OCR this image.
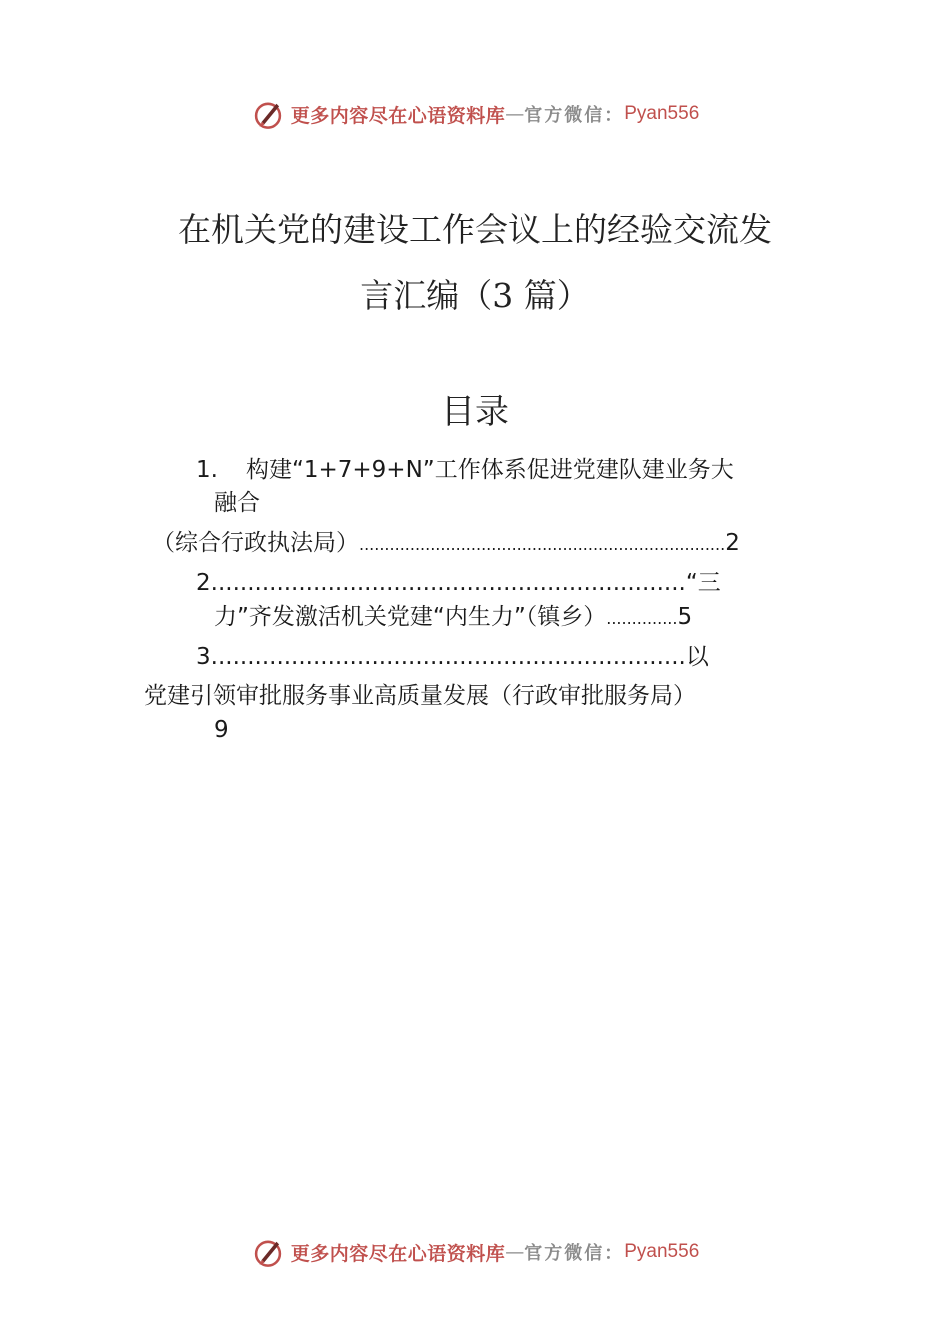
更多内容尽在心语资料库 — 官方微信： Pyan556
在机关党的建设工作会议上的经验交流发
言汇编（3 篇）
目录
1. 构建“1+7+9+N”工作体系促进党建队建业务大
融合
（综合行政执法局）........................................................................2
2.................................................................“三
力”齐发激活机关党建“内生力”（镇乡）..............5
3.................................................................以
党建引领审批服务事业高质量发展（行政审批服务局）
9
更多内容尽在心语资料库 — 官方微信： Pyan556
